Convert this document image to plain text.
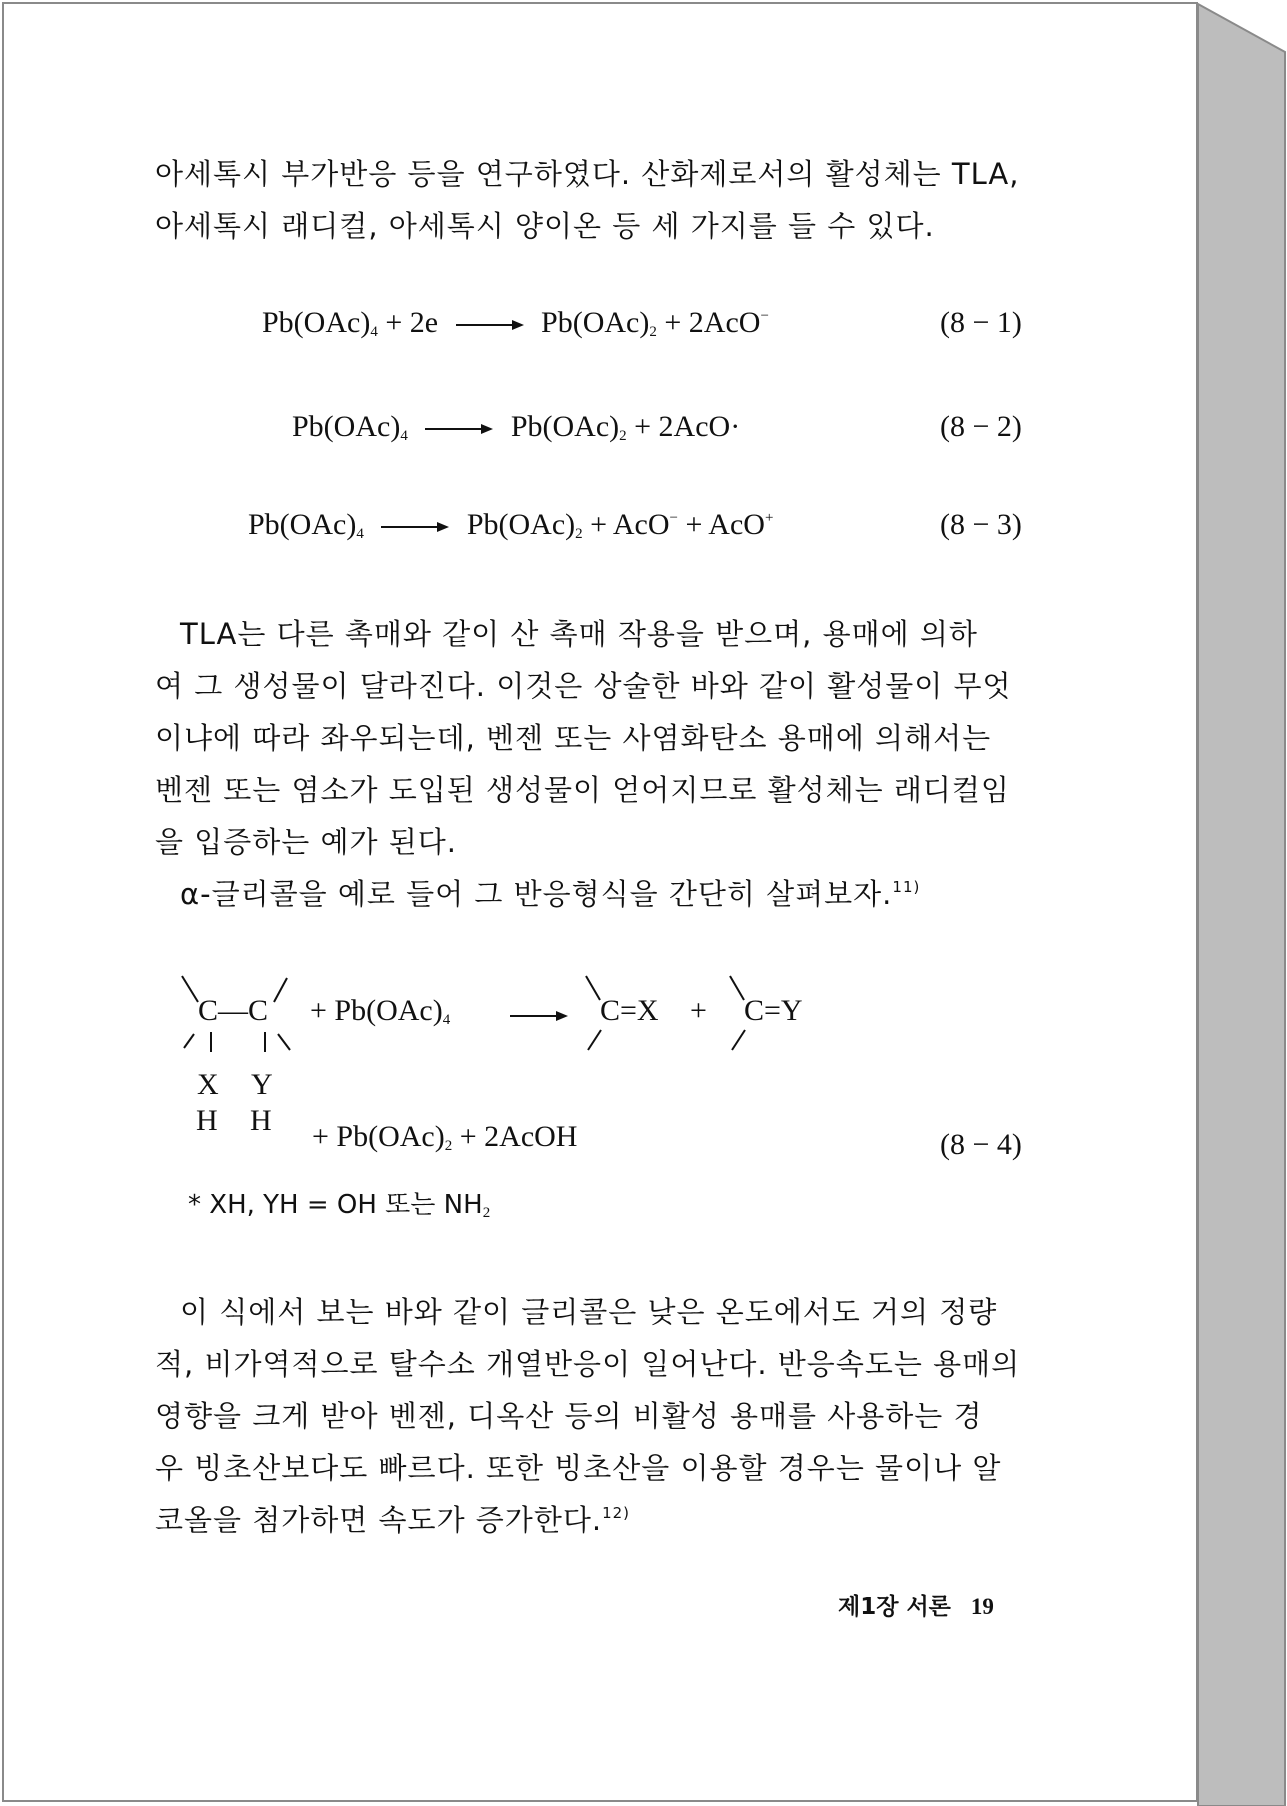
아세톡시 부가반응 등을 연구하였다. 산화제로서의 활성체는 TLA,
아세톡시 래디컬, 아세톡시 양이온 등 세 가지를 들 수 있다.
$Pb(OAc)_4 + 2e \to Pb(OAc)_2 + 2AcO^-$	(8 − 1)
$Pb(OAc)_4 \to Pb(OAc)_2 + 2AcO\cdot$	(8 − 2)
$Pb(OAc)_4 \to Pb(OAc)_2 + AcO^- + AcO^+$	(8 − 3)
TLA는 다른 촉매와 같이 산 촉매 작용을 받으며, 용매에 의하
여 그 생성물이 달라진다. 이것은 상술한 바와 같이 활성물이 무엇
이냐에 따라 좌우되는데, 벤젠 또는 사염화탄소 용매에 의해서는
벤젠 또는 염소가 도입된 생성물이 얻어지므로 활성체는 래디컬임
을 입증하는 예가 된다.
α-글리콜을 예로 들어 그 반응형식을 간단히 살펴보자.$^{11)}$
C—C
X Y
H H
+ $Pb(OAc)_4$	C=X + C=Y
+ $Pb(OAc)_2$ + 2AcOH	(8 − 4)
* XH, YH = OH 또는 $NH_2$
이 식에서 보는 바와 같이 글리콜은 낮은 온도에서도 거의 정량
적, 비가역적으로 탈수소 개열반응이 일어난다. 반응속도는 용매의
영향을 크게 받아 벤젠, 디옥산 등의 비활성 용매를 사용하는 경
우 빙초산보다도 빠르다. 또한 빙초산을 이용할 경우는 물이나 알
코올을 첨가하면 속도가 증가한다.$^{12)}$
제1장 서론 19
